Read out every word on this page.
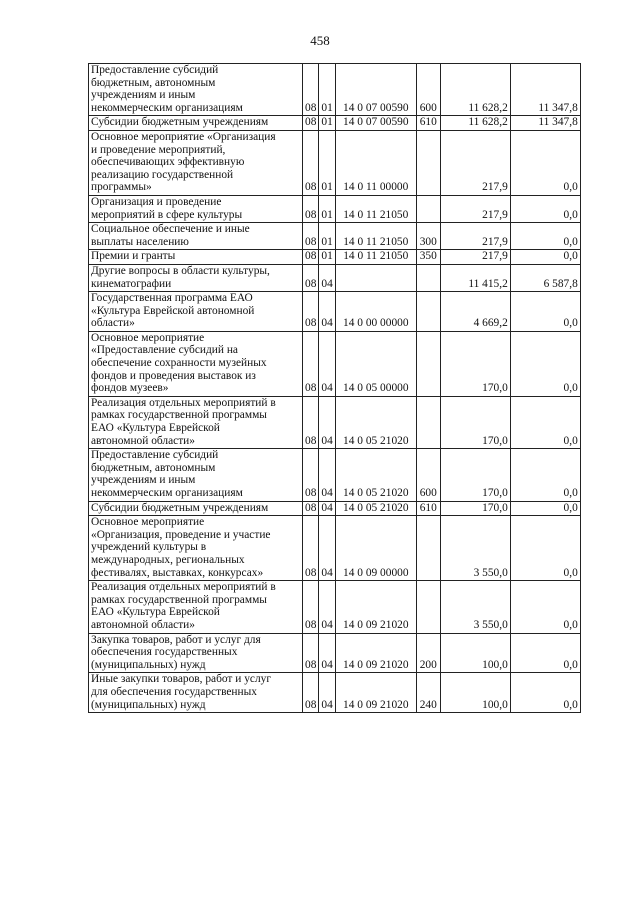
458
Предоставление субсидий
бюджетным, автономным
учреждениям и иным
некоммерческим организациям	08	01	14 0 07 00590	600	11 628,2	11 347,8
Субсидии бюджетным учреждениям	08	01	14 0 07 00590	610	11 628,2	11 347,8
Основное мероприятие «Организация
и проведение мероприятий,
обеспечивающих эффективную
реализацию государственной
программы»	08	01	14 0 11 00000		217,9	0,0
Организация и проведение
мероприятий в сфере культуры	08	01	14 0 11 21050		217,9	0,0
Социальное обеспечение и иные
выплаты населению	08	01	14 0 11 21050	300	217,9	0,0
Премии и гранты	08	01	14 0 11 21050	350	217,9	0,0
Другие вопросы в области культуры,
кинематографии	08	04			11 415,2	6 587,8
Государственная программа ЕАО
«Культура Еврейской автономной
области»	08	04	14 0 00 00000		4 669,2	0,0
Основное мероприятие
«Предоставление субсидий на
обеспечение сохранности музейных
фондов и проведения выставок из
фондов музеев»	08	04	14 0 05 00000		170,0	0,0
Реализация отдельных мероприятий в
рамках государственной программы
ЕАО «Культура Еврейской
автономной области»	08	04	14 0 05 21020		170,0	0,0
Предоставление субсидий
бюджетным, автономным
учреждениям и иным
некоммерческим организациям	08	04	14 0 05 21020	600	170,0	0,0
Субсидии бюджетным учреждениям	08	04	14 0 05 21020	610	170,0	0,0
Основное мероприятие
«Организация, проведение и участие
учреждений культуры в
международных, региональных
фестивалях, выставках, конкурсах»	08	04	14 0 09 00000		3 550,0	0,0
Реализация отдельных мероприятий в
рамках государственной программы
ЕАО «Культура Еврейской
автономной области»	08	04	14 0 09 21020		3 550,0	0,0
Закупка товаров, работ и услуг для
обеспечения государственных
(муниципальных) нужд	08	04	14 0 09 21020	200	100,0	0,0
Иные закупки товаров, работ и услуг
для обеспечения государственных
(муниципальных) нужд	08	04	14 0 09 21020	240	100,0	0,0
